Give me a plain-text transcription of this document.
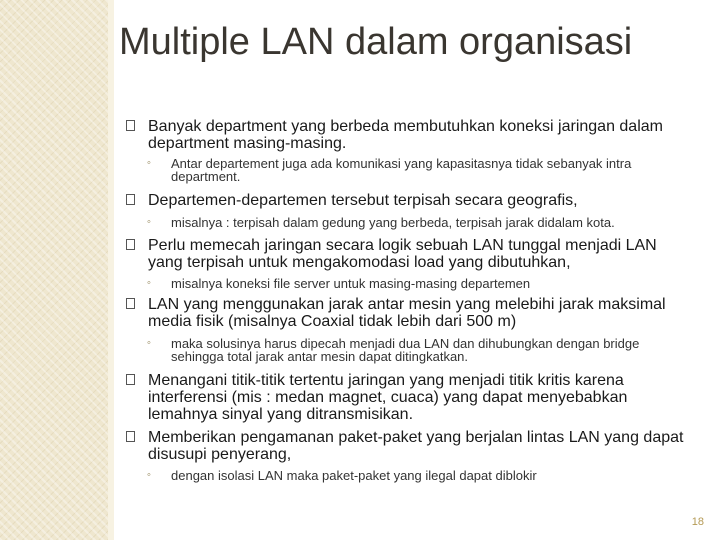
Multiple LAN dalam organisasi
Banyak department yang berbeda membutuhkan koneksi jaringan dalam department masing-masing.
◦ Antar departement juga ada komunikasi yang kapasitasnya tidak sebanyak intra department.
Departemen-departemen tersebut terpisah secara geografis,
◦ misalnya : terpisah dalam gedung yang berbeda, terpisah jarak didalam kota.
Perlu memecah jaringan secara logik sebuah LAN tunggal menjadi LAN yang terpisah untuk mengakomodasi load yang dibutuhkan,
◦ misalnya koneksi file server untuk masing-masing departemen
LAN yang menggunakan jarak antar mesin yang melebihi jarak maksimal media fisik (misalnya Coaxial tidak lebih dari 500 m)
◦ maka solusinya harus dipecah menjadi dua LAN dan dihubungkan dengan bridge sehingga total jarak antar mesin dapat ditingkatkan.
Menangani titik-titik tertentu jaringan yang menjadi titik kritis karena interferensi (mis : medan magnet, cuaca) yang dapat menyebabkan lemahnya sinyal yang ditransmisikan.
Memberikan pengamanan paket-paket yang berjalan lintas LAN yang dapat disusupi penyerang,
◦ dengan isolasi LAN maka paket-paket yang ilegal dapat diblokir
18
